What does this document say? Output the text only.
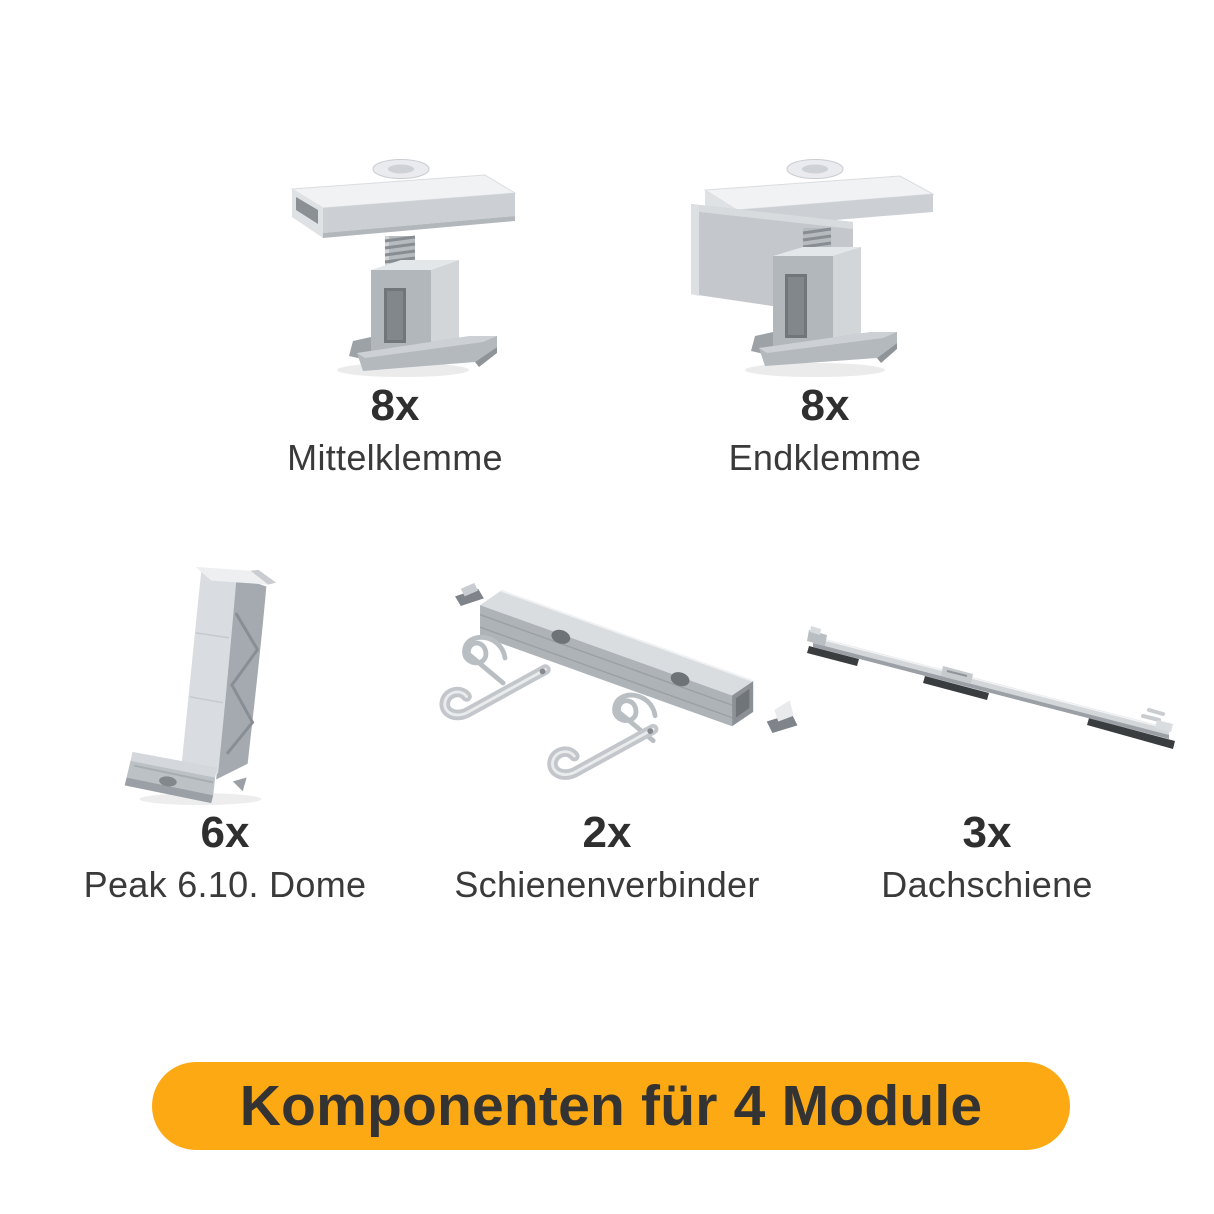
8x
Mittelklemme
8x
Endklemme
6x
Peak 6.10. Dome
2x
Schienenverbinder
3x
Dachschiene
Komponenten für 4 Module
